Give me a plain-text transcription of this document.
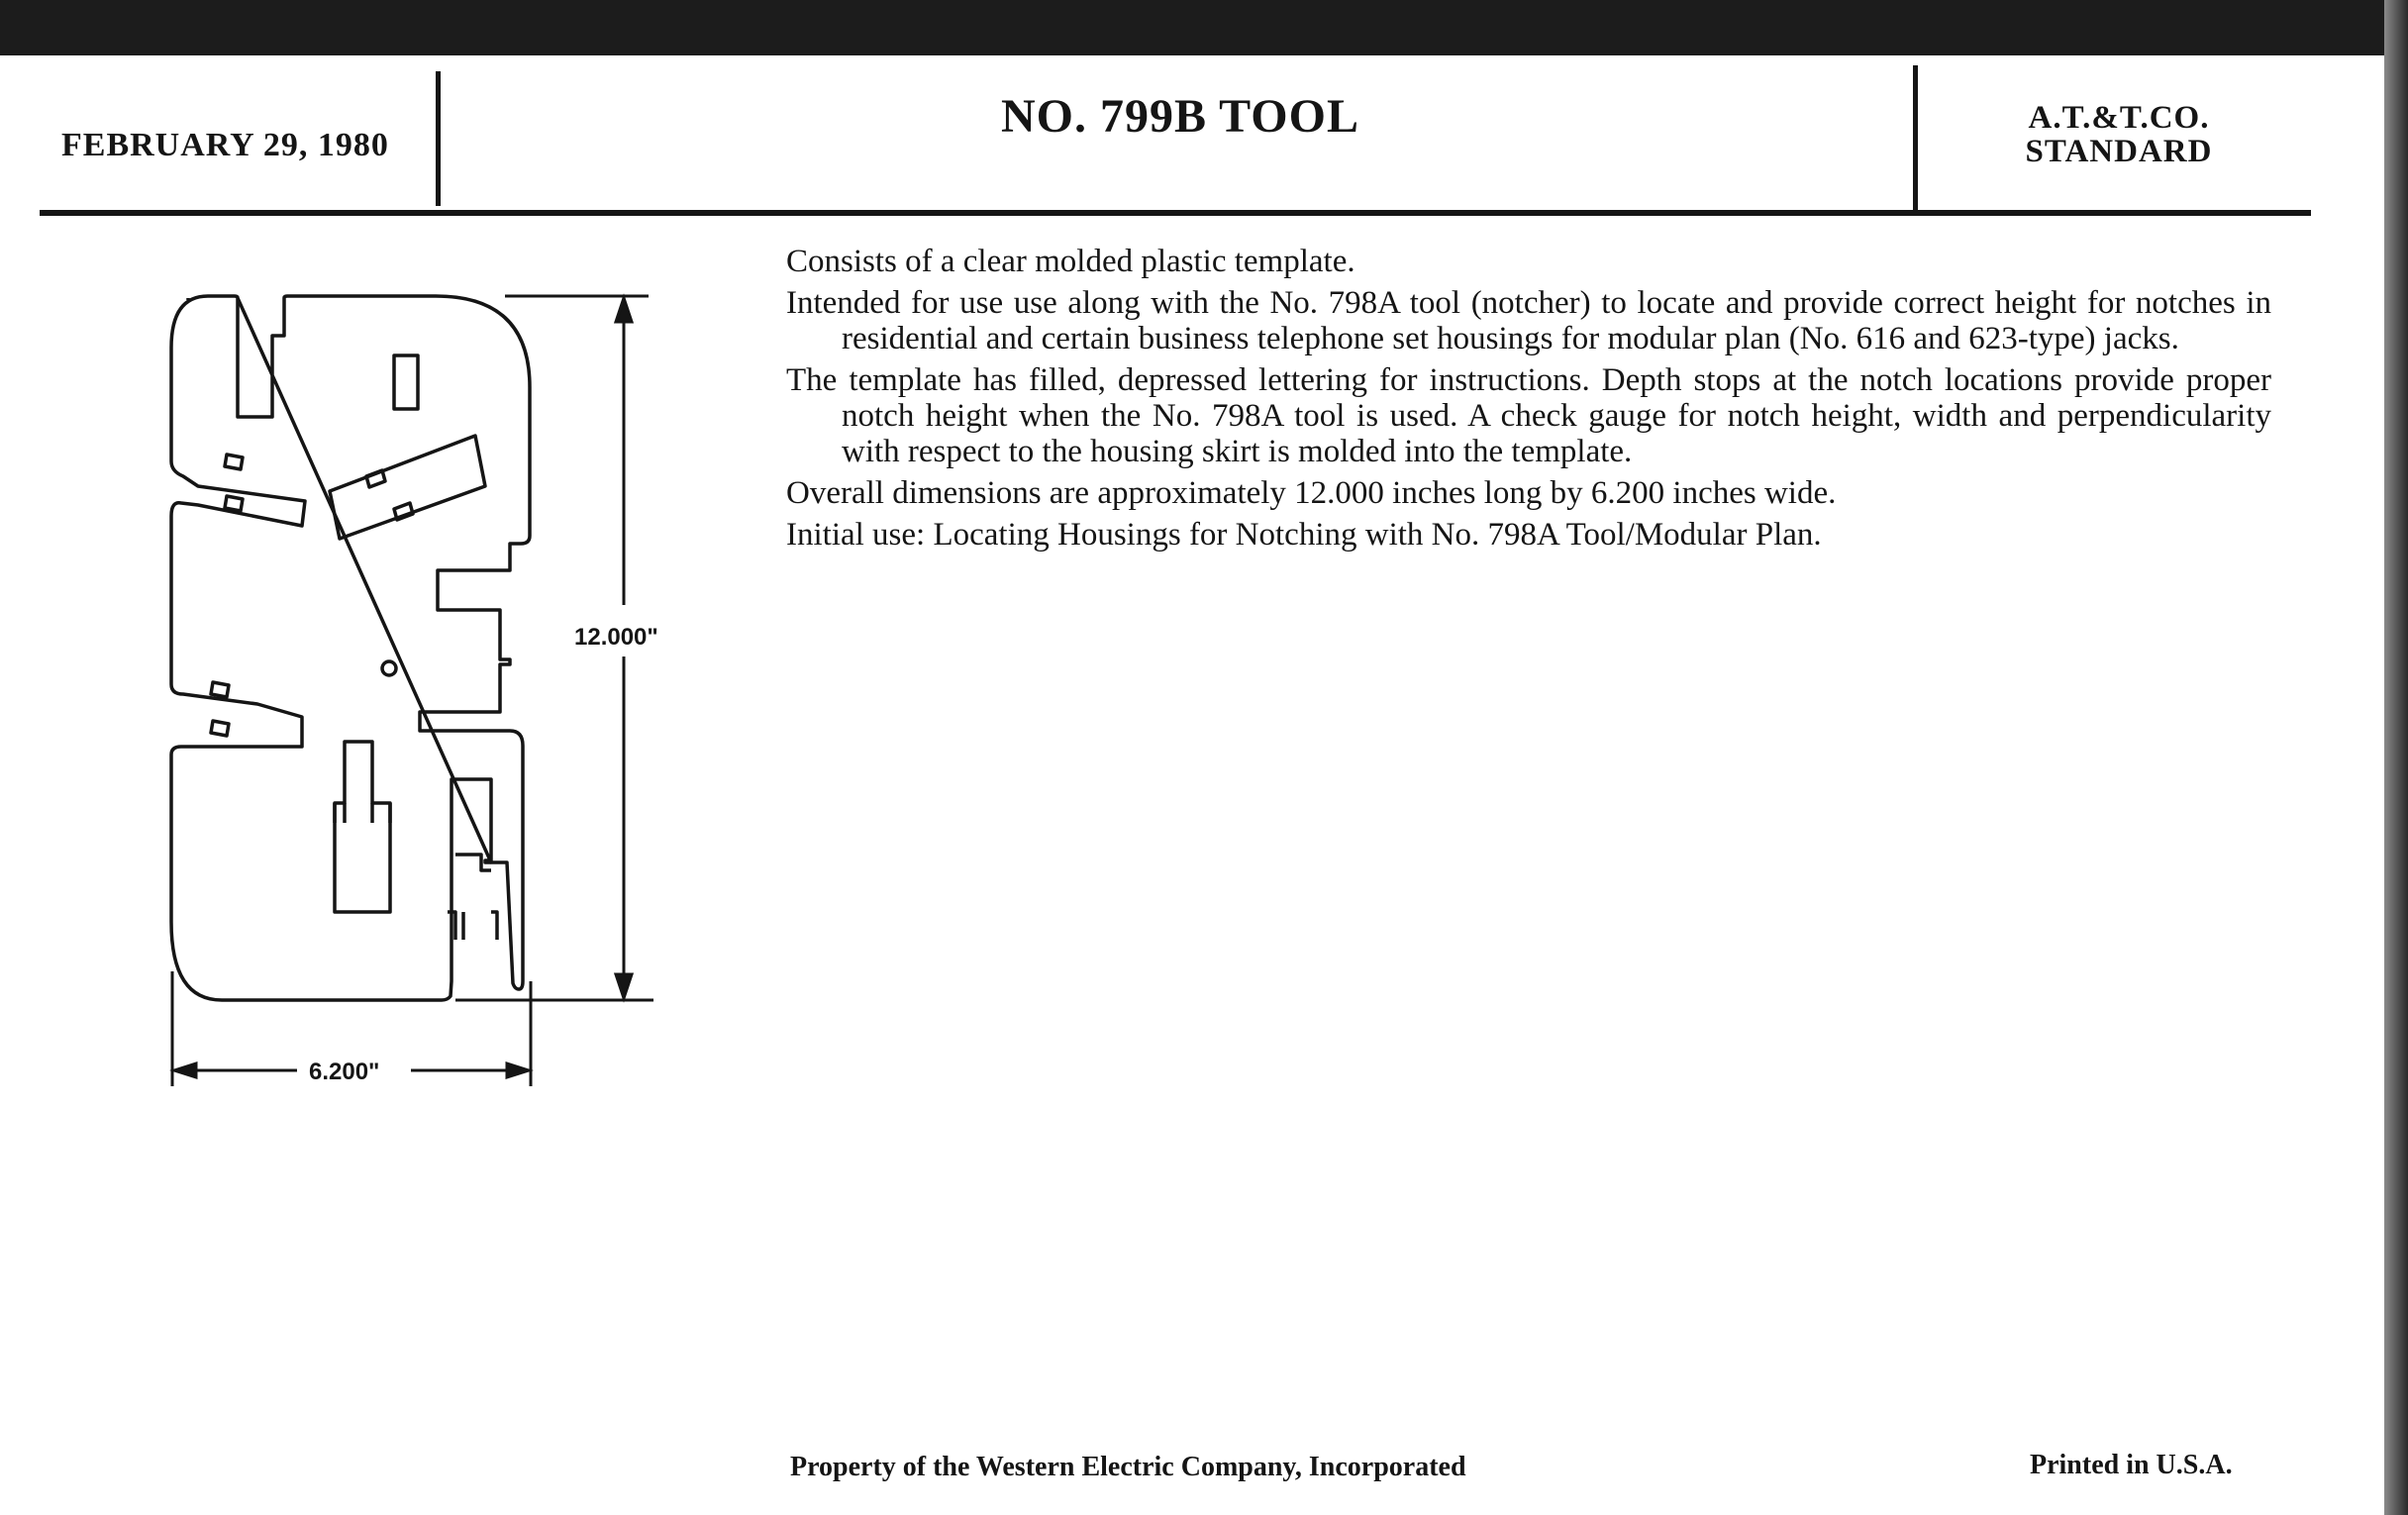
FEBRUARY 29, 1980
NO. 799B TOOL	A.T.&T.CO.
STANDARD
12.000"
6.200"

Consists of a clear molded plastic template.

Intended for use use along with the No. 798A tool (notcher) to locate and provide correct height for notches in residential and certain business telephone set housings for modular plan (No. 616 and 623-type) jacks.

The template has filled, depressed lettering for instructions. Depth stops at the notch locations provide proper notch height when the No. 798A tool is used. A check gauge for notch height, width and perpendicularity with respect to the housing skirt is molded into the template.

Overall dimensions are approximately 12.000 inches long by 6.200 inches wide.

Initial use: Locating Housings for Notching with No. 798A Tool/Modular Plan.

Property of the Western Electric Company, Incorporated	Printed in U.S.A.
